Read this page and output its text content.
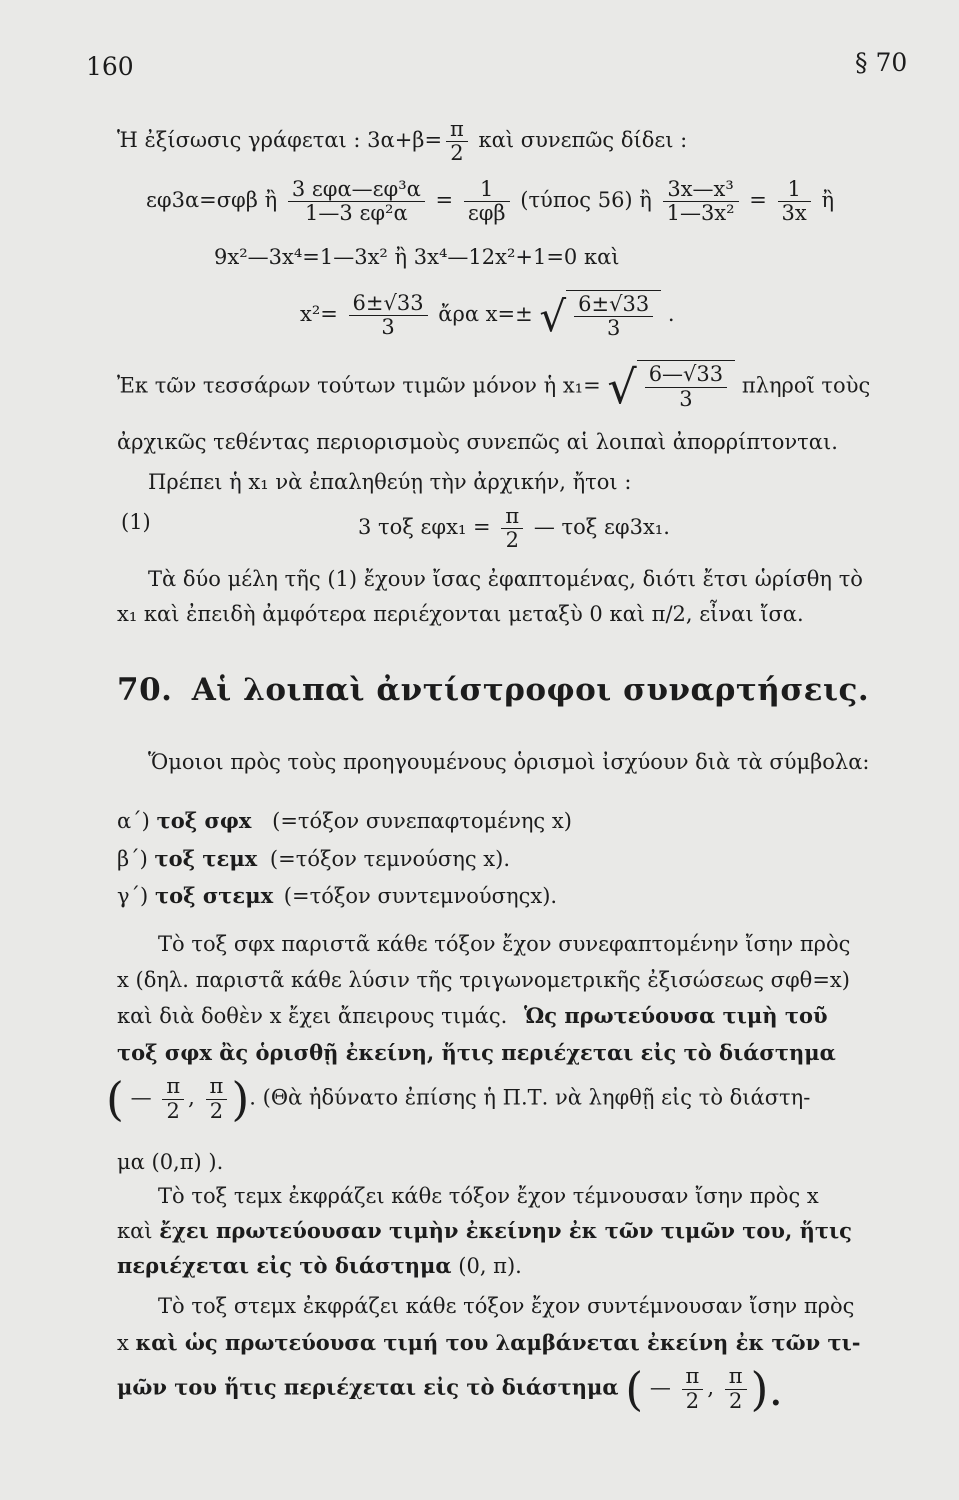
160	§ 70
Ἡ ἐξίσωσις γράφεται : $3\alpha+\beta= \frac{\pi}{2}$ καὶ συνεπῶς δίδει :
εφ3α=σφβ ἢ $\frac{\text{3 εφα—εφ³α}}{\text{1—3 εφ²α}} = \frac{1}{\text{εφβ}} (\tau ύ\pi o\varsigma$ 56) ἢ $\frac{\text{3x—x³}}{\text{1—3x²}} = \frac{1}{3x}$ ἢ
9x²—3x⁴=1—3x² ἢ 3x⁴—12x²+1=0 καὶ
$x^2= \frac{6\pm√33}{3}$ ἄρα x=± √ $\frac{6\pm√33}{3}$ .
Ἐκ τῶν τεσσάρων τούτων τιμῶν μόνον ἡ x₁= √ $\frac{6—√33}{3}$ πληροῖ τοὺς
ἀρχικῶς τεθέντας περιορισμοὺς συνεπῶς αἱ λοιπαὶ ἀπορρίπτονται.
Πρέπει ἡ x₁ νὰ ἐπαληθεύῃ τὴν ἀρχικήν, ἤτοι :
(1)	3 τοξ $\varepsilon\varphi x_1 = \frac{\pi}{2}$ — τοξ εφ3x₁.
Τὰ δύο μέλη τῆς (1) ἔχουν ἴσας ἐφαπτομένας, διότι ἔτσι ὡρίσθη τὸ
x₁ καὶ ἐπειδὴ ἀμφότερα περιέχονται μεταξὺ 0 καὶ π/2, εἶναι ἴσα.
70. Αἱ λοιπαὶ ἀντίστροφοι συναρτήσεις.
Ὅμοιοι πρὸς τοὺς προηγουμένους ὁρισμοὶ ἰσχύουν διὰ τὰ σύμβολα:
α΄) τοξ σφx (=τόξον συνεπαφτομένης x)
β΄) τοξ τεμx (=τόξον τεμνούσης x).
γ΄) τοξ στεμx (=τόξον συντεμνούσηςx).
Τὸ τοξ σφx παριστᾶ κάθε τόξον ἔχον συνεφαπτομένην ἴσην πρὸς
x (δηλ. παριστᾶ κάθε λύσιν τῆς τριγωνομετρικῆς ἐξισώσεως σφθ=x)
καὶ διὰ δοθὲν x ἔχει ἄπειρους τιμάς. Ὡς πρωτεύουσα τιμὴ τοῦ
τοξ σφx ἂς ὁρισθῇ ἐκείνη, ἥτις περιέχεται εἰς τὸ διάστημα
( — $\frac{\pi}{2}$ , $\frac{\pi}{2}$ ). (Θὰ ἠδύνατο ἐπίσης ἡ Π.Τ. νὰ ληφθῇ εἰς τὸ διάστη-
μα (0,π) ).
Τὸ τοξ τεμx ἐκφράζει κάθε τόξον ἔχον τέμνουσαν ἴσην πρὸς x
καὶ ἔχει πρωτεύουσαν τιμὴν ἐκείνην ἐκ τῶν τιμῶν του, ἥτις
περιέχεται εἰς τὸ διάστημα (0, π).
Τὸ τοξ στεμx ἐκφράζει κάθε τόξον ἔχον συντέμνουσαν ἴσην πρὸς
x καὶ ὡς πρωτεύουσα τιμή του λαμβάνεται ἐκείνη ἐκ τῶν τι-
μῶν του ἥτις περιέχεται εἰς τὸ διάστημα ( — $\frac{\pi}{2}$ , $\frac{\pi}{2}$ ).
